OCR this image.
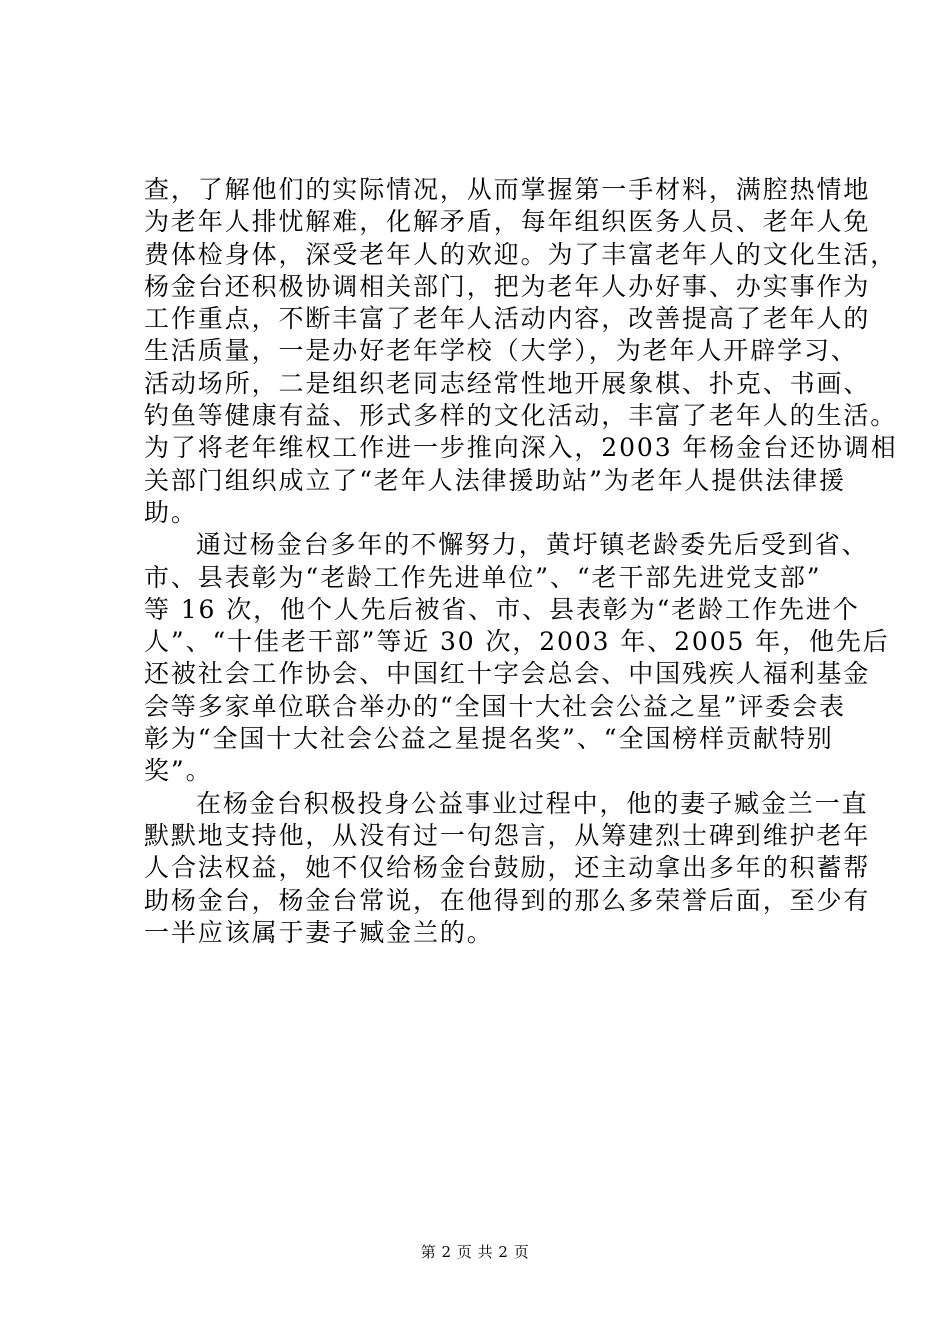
查，了解他们的实际情况，从而掌握第一手材料，满腔热情地
为老年人排忧解难，化解矛盾，每年组织医务人员、老年人免
费体检身体，深受老年人的欢迎。为了丰富老年人的文化生活，
杨金台还积极协调相关部门，把为老年人办好事、办实事作为
工作重点，不断丰富了老年人活动内容，改善提高了老年人的
生活质量，一是办好老年学校（大学），为老年人开辟学习、
活动场所，二是组织老同志经常性地开展象棋、扑克、书画、
钓鱼等健康有益、形式多样的文化活动，丰富了老年人的生活。
为了将老年维权工作进一步推向深入，2003 年杨金台还协调相
关部门组织成立了“老年人法律援助站”为老年人提供法律援
助。
通过杨金台多年的不懈努力，黄圩镇老龄委先后受到省、
市、县表彰为“老龄工作先进单位”、“老干部先进党支部”
等 16 次，他个人先后被省、市、县表彰为“老龄工作先进个
人”、“十佳老干部”等近 30 次，2003 年、2005 年，他先后
还被社会工作协会、中国红十字会总会、中国残疾人福利基金
会等多家单位联合举办的“全国十大社会公益之星”评委会表
彰为“全国十大社会公益之星提名奖”、“全国榜样贡献特别
奖”。
在杨金台积极投身公益事业过程中，他的妻子臧金兰一直
默默地支持他，从没有过一句怨言，从筹建烈士碑到维护老年
人合法权益，她不仅给杨金台鼓励，还主动拿出多年的积蓄帮
助杨金台，杨金台常说，在他得到的那么多荣誉后面，至少有
一半应该属于妻子臧金兰的。
第 2 页 共 2 页
